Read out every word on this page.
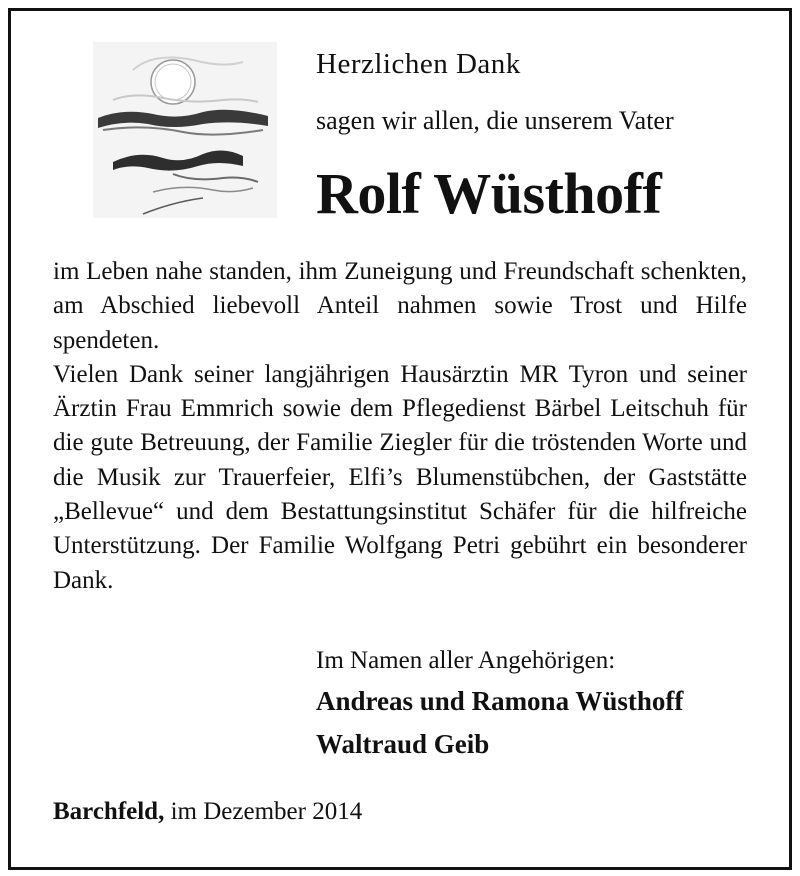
Herzlichen Dank
sagen wir allen, die unserem Vater
Rolf Wüsthoff

im Leben nahe standen, ihm Zuneigung und Freundschaft schenkten, am Abschied liebevoll Anteil nahmen sowie Trost und Hilfe spendeten.

Vielen Dank seiner langjährigen Hausärztin MR Tyron und seiner Ärztin Frau Emmrich sowie dem Pflegedienst Bärbel Leitschuh für die gute Betreuung, der Familie Ziegler für die tröstenden Worte und die Musik zur Trauerfeier, Elfi’s Blumenstübchen, der Gaststätte „Bellevue“ und dem Bestattungsinstitut Schäfer für die hilfreiche Unterstützung. Der Familie Wolfgang Petri gebührt ein besonderer Dank.

Im Namen aller Angehörigen:
Andreas und Ramona Wüsthoff
Waltraud Geib
Barchfeld, im Dezember 2014
